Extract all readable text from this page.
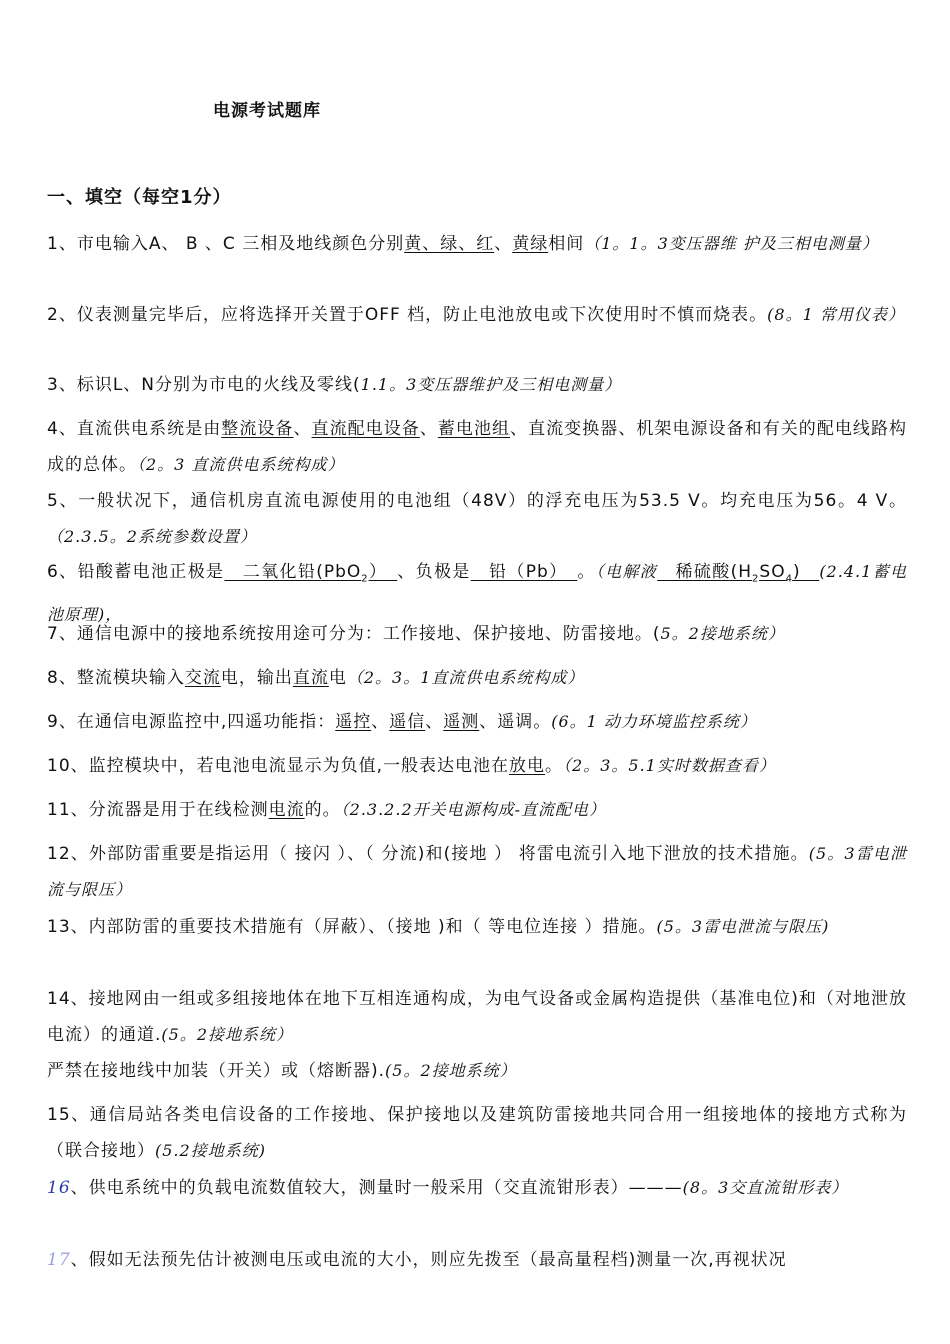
电源考试题库
一、填空（每空1分）
1、市电输入A、 B 、C 三相及地线颜色分别黄、绿、红、黄绿相间（1。1。3变压器维 护及三相电测量）
2、仪表测量完毕后，应将选择开关置于OFF 档，防止电池放电或下次使用时不慎而烧表。(8。1 常用仪表）
3、标识L、N分别为市电的火线及零线(1.1。3变压器维护及三相电测量）
4、直流供电系统是由整流设备、直流配电设备、蓄电池组、直流变换器、机架电源设备和有关的配电线路构成的总体。（2。3 直流供电系统构成）
5、一般状况下，通信机房直流电源使用的电池组（48V）的浮充电压为53.5 V。均充电压为56。4 V。（2.3.5。2系统参数设置）
6、铅酸蓄电池正极是　二氧化铅(PbO$_2$）　、负极是　铅（Pb）　。（电解液　稀硫酸$(H_2SO_4)$　(2.4.1蓄电池原理)，
7、通信电源中的接地系统按用途可分为：工作接地、保护接地、防雷接地。(5。2接地系统）
8、整流模块输入交流电，输出直流电（2。3。1直流供电系统构成）
9、在通信电源监控中,四遥功能指：遥控、遥信、遥测、遥调。(6。1 动力环境监控系统）
10、监控模块中，若电池电流显示为负值,一般表达电池在放电。（2。3。5.1实时数据查看）
11、分流器是用于在线检测电流的。（2.3.2.2开关电源构成-直流配电）
12、外部防雷重要是指运用（ 接闪 ）、（ 分流)和(接地 ） 将雷电流引入地下泄放的技术措施。(5。3雷电泄流与限压）
13、内部防雷的重要技术措施有（屏蔽）、（接地 )和（ 等电位连接 ）措施。(5。3雷电泄流与限压)
14、接地网由一组或多组接地体在地下互相连通构成，为电气设备或金属构造提供（基准电位)和（对地泄放电流）的通道.(5。2接地系统）
严禁在接地线中加装（开关）或（熔断器).(5。2接地系统）
15、通信局站各类电信设备的工作接地、保护接地以及建筑防雷接地共同合用一组接地体的接地方式称为（联合接地）(5.2接地系统)
16、供电系统中的负载电流数值较大，测量时一般采用（交直流钳形表）———(8。3交直流钳形表）
17、假如无法预先估计被测电压或电流的大小，则应先拨至（最高量程档)测量一次,再视状况
